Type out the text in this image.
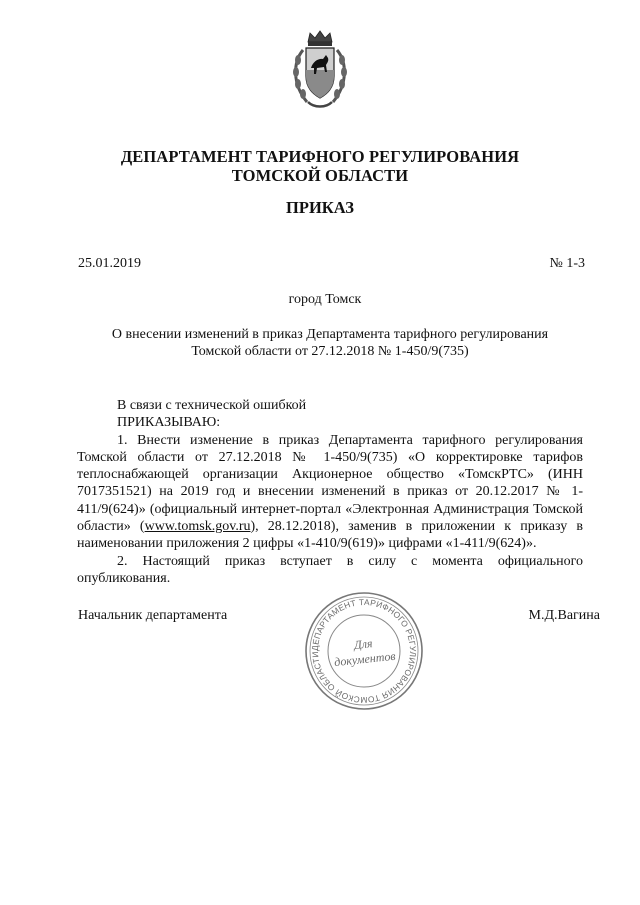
ДЕПАРТАМЕНТ ТАРИФНОГО РЕГУЛИРОВАНИЯ
ТОМСКОЙ ОБЛАСТИ
ПРИКАЗ
25.01.2019	№ 1-3
город Томск
О внесении изменений в приказ Департамента тарифного регулирования
Томской области от 27.12.2018 № 1-450/9(735)
В связи с технической ошибкой
ПРИКАЗЫВАЮ:
1. Внести изменение в приказ Департамента тарифного регулирования Томской области от 27.12.2018 № 1-450/9(735) «О корректировке тарифов теплоснабжающей организации Акционерное общество «ТомскРТС» (ИНН 7017351521) на 2019 год и внесении изменений в приказ от 20.12.2017 № 1-411/9(624)» (официальный интернет-портал «Электронная Администрация Томской области» (www.tomsk.gov.ru), 28.12.2018), заменив в приложении к приказу в наименовании приложения 2 цифры «1-410/9(619)» цифрами «1-411/9(624)».
2. Настоящий приказ вступает в силу с момента официального опубликования.
Начальник департамента	М.Д.Вагина
ДЕПАРТАМЕНТ ТАРИФНОГО РЕГУЛИРОВАНИЯ ТОМСКОЙ ОБЛАСТИ
Для
документов
